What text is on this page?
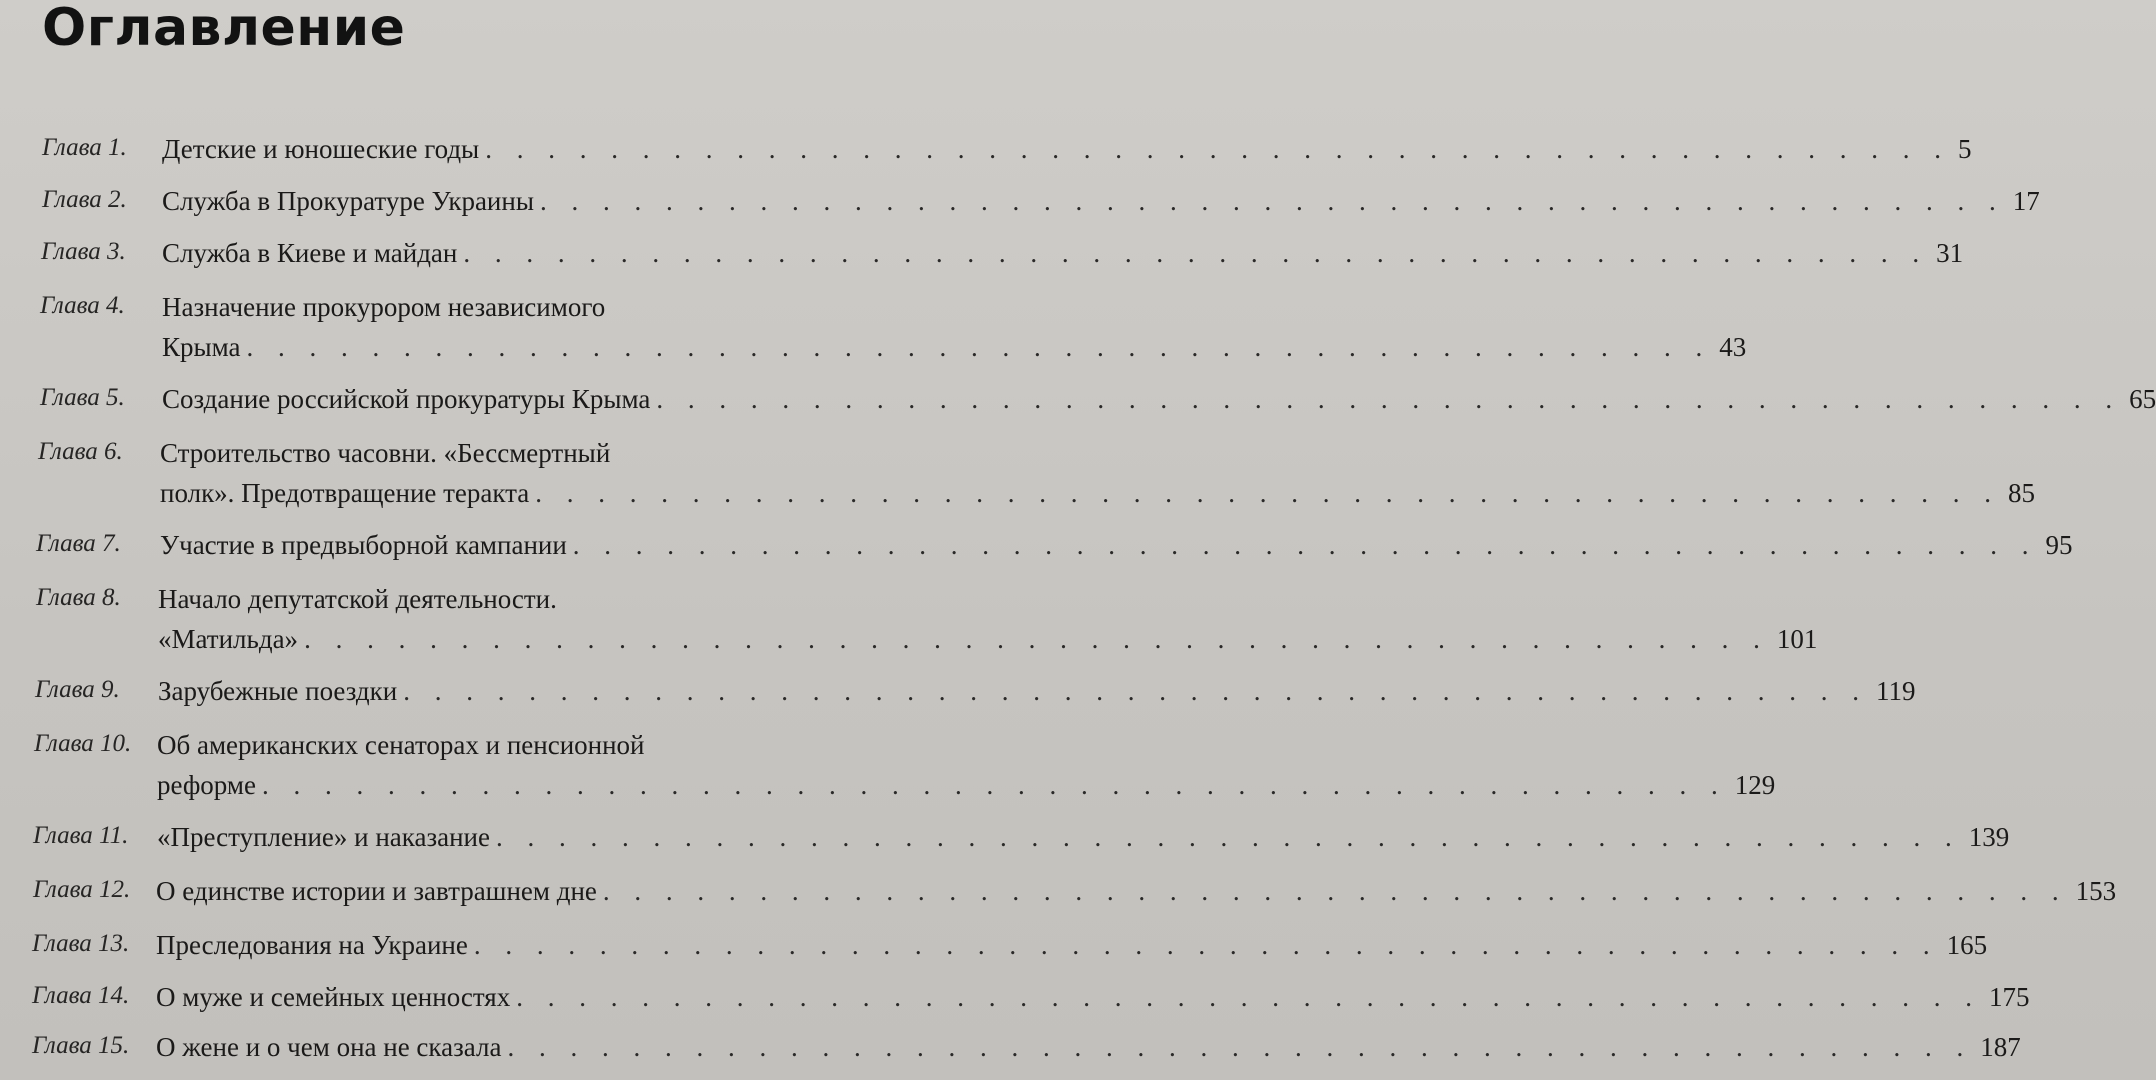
Оглавление
Глава 1. Детские и юношеские годы . . . . . . . . . . . . . . . . . . . . . . . . . . . . . . . . . . . . . . . . . . . . . . . 5
Глава 2. Служба в Прокуратуре Украины . . . . . . . . . . . . . . . . . . . . . . . . . . . . . . . . . . . . . . . . . . . . . . . 17
Глава 3. Служба в Киеве и майдан . . . . . . . . . . . . . . . . . . . . . . . . . . . . . . . . . . . . . . . . . . . . . . . 31
Глава 4. Назначение прокурором независимого
Крыма . . . . . . . . . . . . . . . . . . . . . . . . . . . . . . . . . . . . . . . . . . . . . . . 43
Глава 5. Создание российской прокуратуры Крыма . . . . . . . . . . . . . . . . . . . . . . . . . . . . . . . . . . . . . . . . . . . . . . . 65
Глава 6. Строительство часовни. «Бессмертный
полк». Предотвращение теракта . . . . . . . . . . . . . . . . . . . . . . . . . . . . . . . . . . . . . . . . . . . . . . . 85
Глава 7. Участие в предвыборной кампании . . . . . . . . . . . . . . . . . . . . . . . . . . . . . . . . . . . . . . . . . . . . . . . 95
Глава 8. Начало депутатской деятельности.
«Матильда» . . . . . . . . . . . . . . . . . . . . . . . . . . . . . . . . . . . . . . . . . . . . . . . 101
Глава 9. Зарубежные поездки . . . . . . . . . . . . . . . . . . . . . . . . . . . . . . . . . . . . . . . . . . . . . . . 119
Глава 10. Об американских сенаторах и пенсионной
реформе . . . . . . . . . . . . . . . . . . . . . . . . . . . . . . . . . . . . . . . . . . . . . . . 129
Глава 11. «Преступление» и наказание . . . . . . . . . . . . . . . . . . . . . . . . . . . . . . . . . . . . . . . . . . . . . . . 139
Глава 12. О единстве истории и завтрашнем дне . . . . . . . . . . . . . . . . . . . . . . . . . . . . . . . . . . . . . . . . . . . . . . . 153
Глава 13. Преследования на Украине . . . . . . . . . . . . . . . . . . . . . . . . . . . . . . . . . . . . . . . . . . . . . . . 165
Глава 14. О муже и семейных ценностях . . . . . . . . . . . . . . . . . . . . . . . . . . . . . . . . . . . . . . . . . . . . . . . 175
Глава 15. О жене и о чем она не сказала . . . . . . . . . . . . . . . . . . . . . . . . . . . . . . . . . . . . . . . . . . . . . . . 187
